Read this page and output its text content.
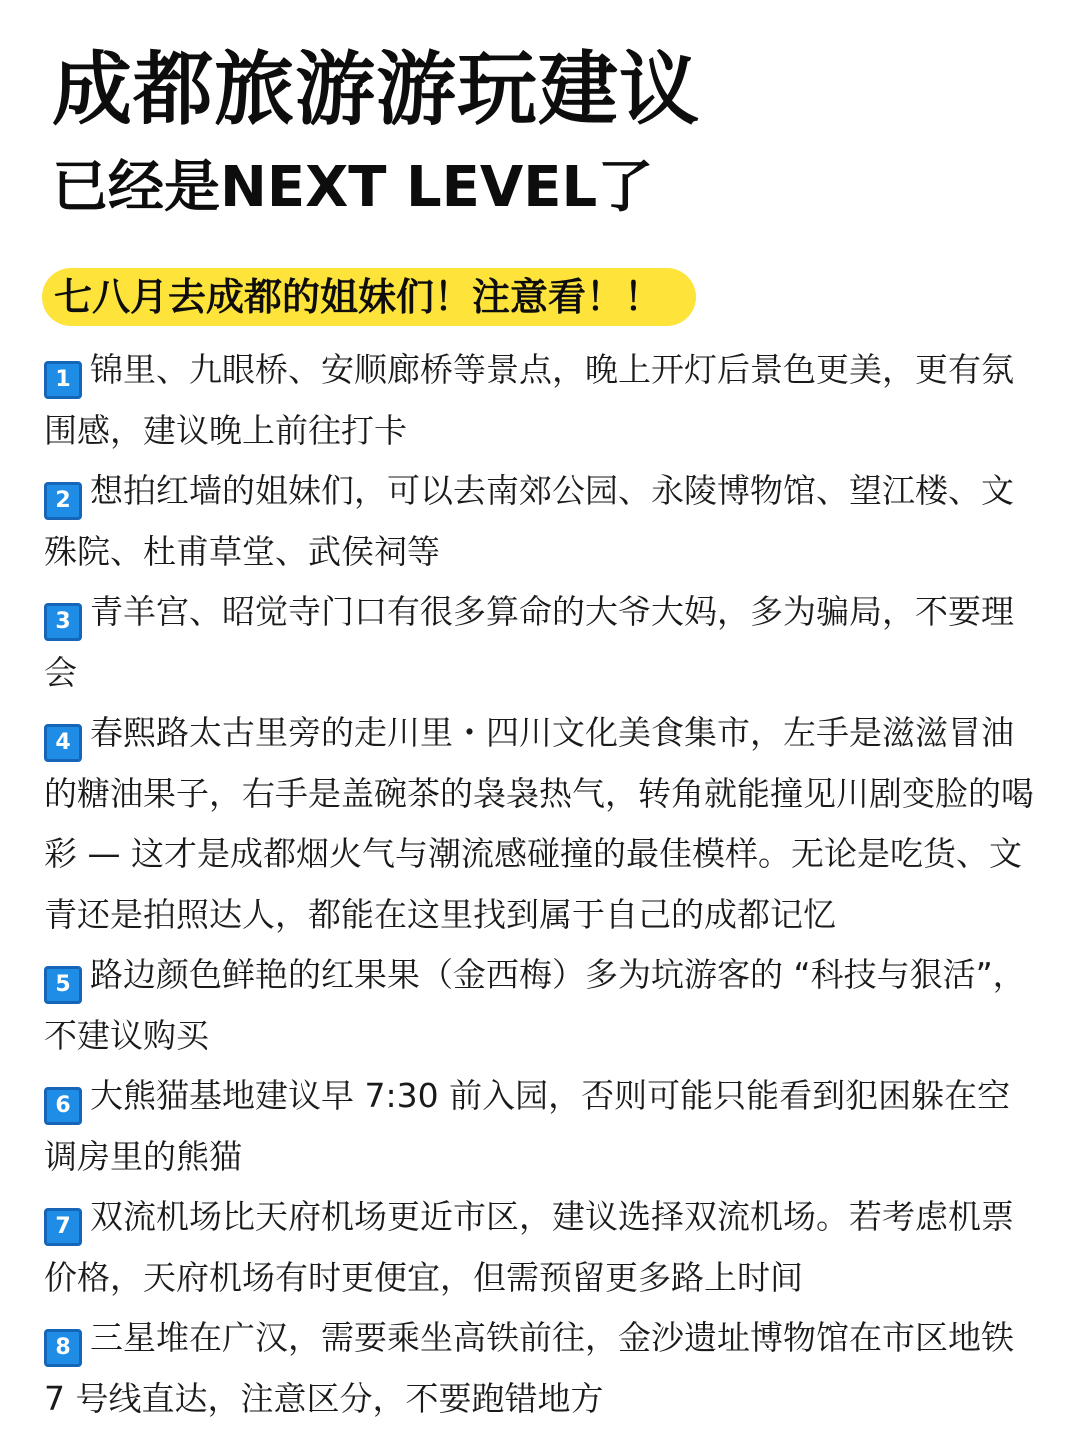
成都旅游游玩建议
已经是NEXT LEVEL了
七八月去成都的姐妹们！注意看！！
1 锦里、九眼桥、安顺廊桥等景点，晚上开灯后景色更美，更有氛围感，建议晚上前往打卡
2 想拍红墙的姐妹们，可以去南郊公园、永陵博物馆、望江楼、文殊院、杜甫草堂、武侯祠等
3 青羊宫、昭觉寺门口有很多算命的大爷大妈，多为骗局，不要理会
4 春熙路太古里旁的走川里・四川文化美食集市，左手是滋滋冒油的糖油果子，右手是盖碗茶的袅袅热气，转角就能撞见川剧变脸的喝彩 — 这才是成都烟火气与潮流感碰撞的最佳模样。无论是吃货、文青还是拍照达人，都能在这里找到属于自己的成都记忆
5 路边颜色鲜艳的红果果（金西梅）多为坑游客的 “科技与狠活”，不建议购买
6 大熊猫基地建议早 7:30 前入园，否则可能只能看到犯困躲在空调房里的熊猫
7 双流机场比天府机场更近市区，建议选择双流机场。若考虑机票价格，天府机场有时更便宜，但需预留更多路上时间
8 三星堆在广汉，需要乘坐高铁前往，金沙遗址博物馆在市区地铁 7 号线直达，注意区分，不要跑错地方
